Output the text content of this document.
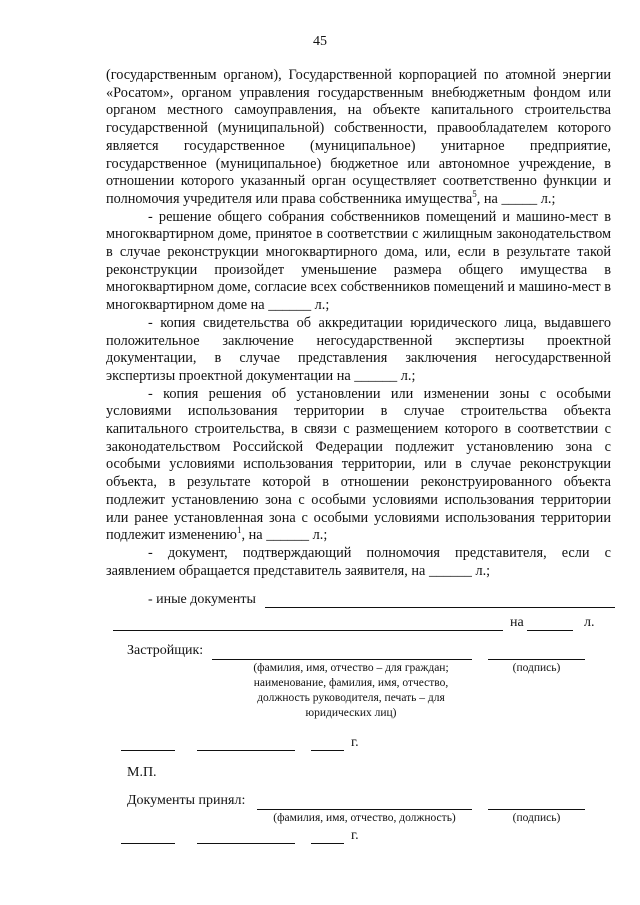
45

(государственным органом), Государственной корпорацией по атомной энергии «Росатом», органом управления государственным внебюджетным фондом или органом местного самоуправления, на объекте капитального строительства государственной (муниципальной) собственности, правообладателем которого является государственное (муниципальное) унитарное предприятие, государственное (муниципальное) бюджетное или автономное учреждение, в отношении которого указанный орган осуществляет соответственно функции и полномочия учредителя или права собственника имущества$^5$, на _____ л.;

- решение общего собрания собственников помещений и машино-мест в многоквартирном доме, принятое в соответствии с жилищным законодательством в случае реконструкции многоквартирного дома, или, если в результате такой реконструкции произойдет уменьшение размера общего имущества в многоквартирном доме, согласие всех собственников помещений и машино-мест в многоквартирном доме на ______ л.;

- копия свидетельства об аккредитации юридического лица, выдавшего положительное заключение негосударственной экспертизы проектной документации, в случае представления заключения негосударственной экспертизы проектной документации на ______ л.;

- копия решения об установлении или изменении зоны с особыми условиями использования территории в случае строительства объекта капитального строительства, в связи с размещением которого в соответствии с законодательством Российской Федерации подлежит установлению зона с особыми условиями использования территории, или в случае реконструкции объекта, в результате которой в отношении реконструированного объекта подлежит установлению зона с особыми условиями использования территории или ранее установленная зона с особыми условиями использования территории подлежит изменению$^1$, на ______ л.;

- документ, подтверждающий полномочия представителя, если с заявлением обращается представитель заявителя, на ______ л.;

- иные документы
на	л.
Застройщик:
(фамилия, имя, отчество – для граждан; наименование, фамилия, имя, отчество, должность руководителя, печать – для юридических лиц)
(подпись)
г.
М.П.
Документы принял:
(фамилия, имя, отчество, должность)	(подпись)
г.
